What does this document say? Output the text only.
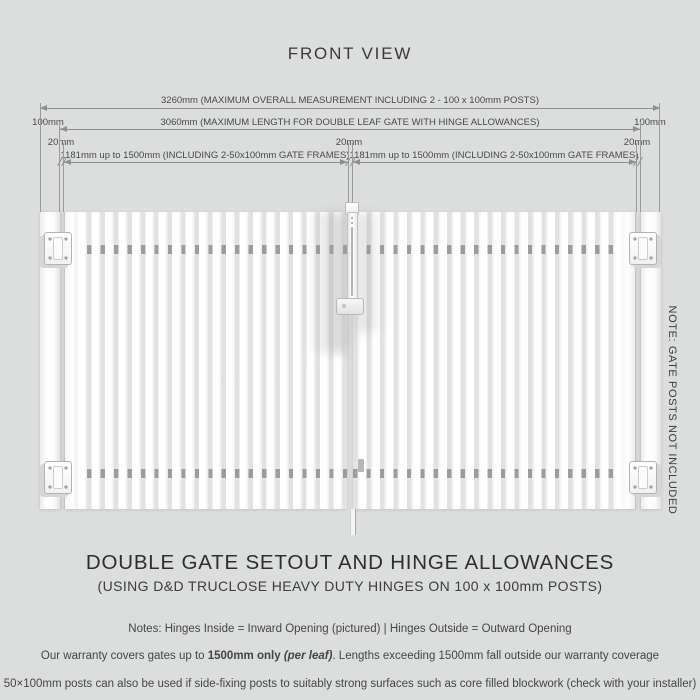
FRONT VIEW
3260mm (MAXIMUM OVERALL MEASUREMENT INCLUDING 2 - 100 x 100mm POSTS)
100mm	3060mm (MAXIMUM LENGTH FOR DOUBLE LEAF GATE WITH HINGE ALLOWANCES)	100mm
20mm	20mm	20mm
1181mm up to 1500mm (INCLUDING 2-50x100mm GATE FRAMES) 1181mm up to 1500mm (INCLUDING 2-50x100mm GATE FRAMES)
NOTE: GATE POSTS NOT INCLUDED
DOUBLE GATE SETOUT AND HINGE ALLOWANCES
(USING D&D TRUCLOSE HEAVY DUTY HINGES ON 100 x 100mm POSTS)
Notes: Hinges Inside = Inward Opening (pictured) | Hinges Outside = Outward Opening
Our warranty covers gates up to 1500mm only (per leaf). Lengths exceeding 1500mm fall outside our warranty coverage
50×100mm posts can also be used if side-fixing posts to suitably strong surfaces such as core filled blockwork (check with your installer)
